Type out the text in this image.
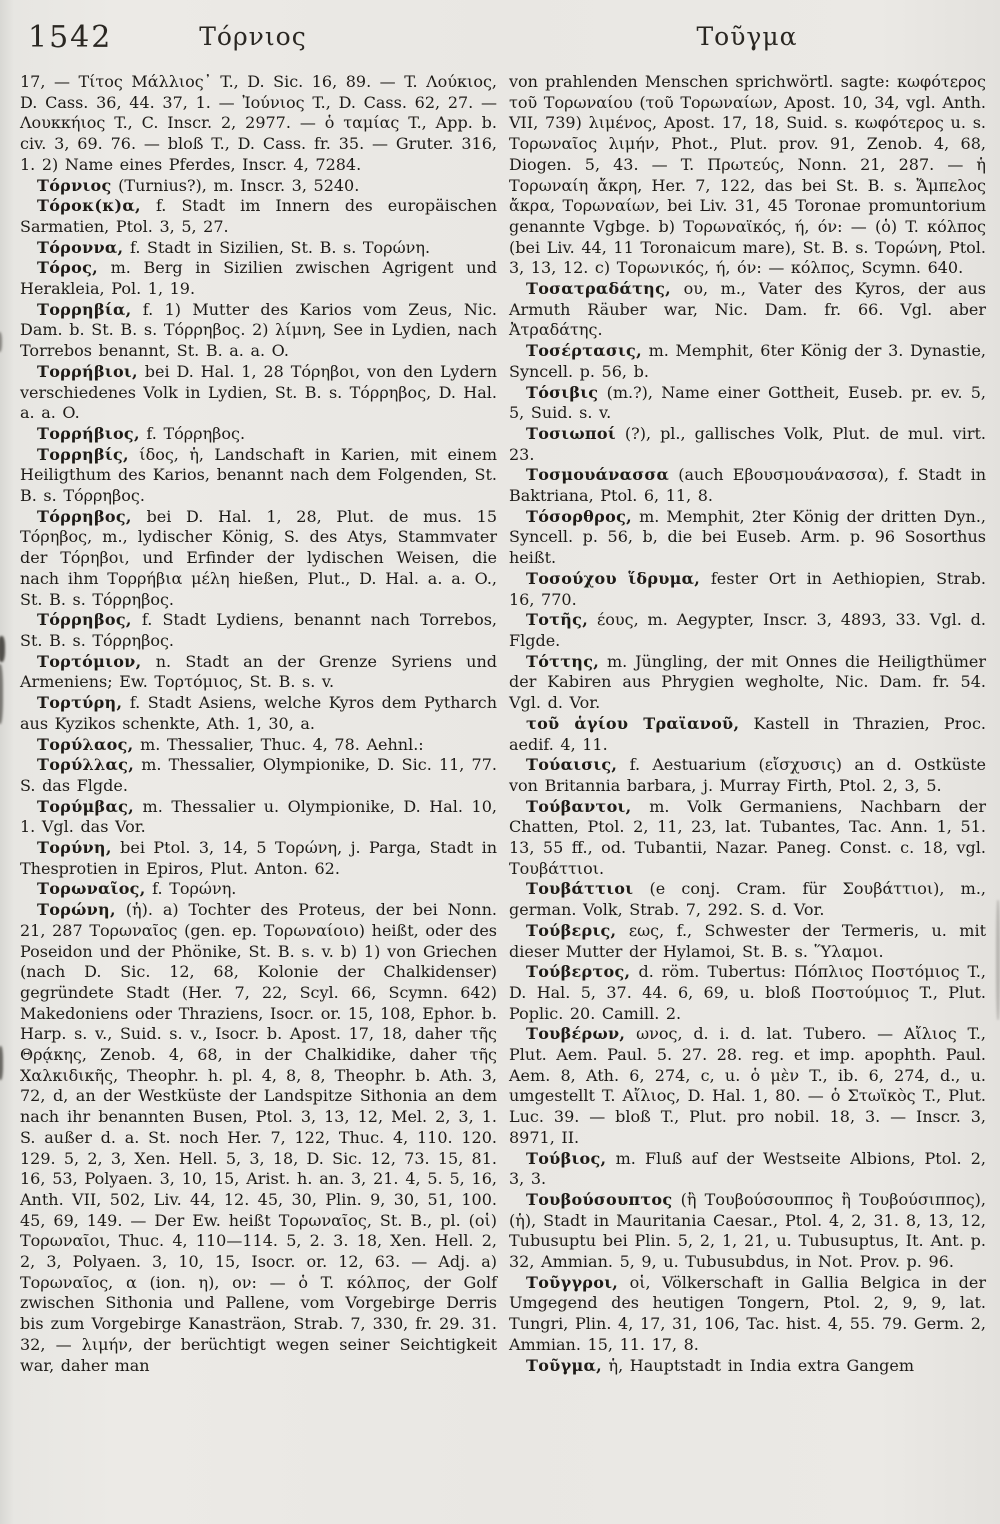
1542	Τόρνιος	Τοῦγμα

17, — Τίτος Μάλλιος᾽ T., D. Sic. 16, 89. — T. Λούκιος, D. Cass. 36, 44. 37, 1. — Ἰούνιος T., D. Cass. 62, 27. — Λουκκήιος T., C. Inscr. 2, 2977. — ὁ ταμίας T., App. b. civ. 3, 69. 76. — bloß T., D. Cass. fr. 35. — Gruter. 316, 1. 2) Name eines Pferdes, Inscr. 4, 7284.

Τόρνιος (Turnius?), m. Inscr. 3, 5240.

Τόροκ(κ)α, f. Stadt im Innern des europäischen Sarmatien, Ptol. 3, 5, 27.

Τόροννα, f. Stadt in Sizilien, St. B. s. Τορώνη.

Τόρος, m. Berg in Sizilien zwischen Agrigent und Herakleia, Pol. 1, 19.

Τορρηβία, f. 1) Mutter des Karios vom Zeus, Nic. Dam. b. St. B. s. Τόρρηβος. 2) λίμνη, See in Lydien, nach Torrebos benannt, St. B. a. a. O.

Τορρήβιοι, bei D. Hal. 1, 28 Τόρηβοι, von den Lydern verschiedenes Volk in Lydien, St. B. s. Τόρρηβος, D. Hal. a. a. O.

Τορρήβιος, f. Τόρρηβος.

Τορρηβίς, ίδος, ἡ, Landschaft in Karien, mit einem Heiligthum des Karios, benannt nach dem Folgenden, St. B. s. Τόρρηβος.

Τόρρηβος, bei D. Hal. 1, 28, Plut. de mus. 15 Τόρηβος, m., lydischer König, S. des Atys, Stammvater der Τόρηβοι, und Erfinder der lydischen Weisen, die nach ihm Τορρήβια μέλη hießen, Plut., D. Hal. a. a. O., St. B. s. Τόρρηβος.

Τόρρηβος, f. Stadt Lydiens, benannt nach Torrebos, St. B. s. Τόρρηβος.

Τορτόμιον, n. Stadt an der Grenze Syriens und Armeniens; Ew. Τορτόμιος, St. B. s. v.

Τορτύρη, f. Stadt Asiens, welche Kyros dem Pytharch aus Kyzikos schenkte, Ath. 1, 30, a.

Τορύλαος, m. Thessalier, Thuc. 4, 78. Aehnl.:

Τορύλλας, m. Thessalier, Olympionike, D. Sic. 11, 77. S. das Flgde.

Τορύμβας, m. Thessalier u. Olympionike, D. Hal. 10, 1. Vgl. das Vor.

Τορύνη, bei Ptol. 3, 14, 5 Τορώνη, j. Parga, Stadt in Thesprotien in Epiros, Plut. Anton. 62.

Τορωναῖος, f. Τορώνη.

Τορώνη, (ἡ). a) Tochter des Proteus, der bei Nonn. 21, 287 Τορωναῖος (gen. ep. Τορωναίοιο) heißt, oder des Poseidon und der Phönike, St. B. s. v. b) 1) von Griechen (nach D. Sic. 12, 68, Kolonie der Chalkidenser) gegründete Stadt (Her. 7, 22, Scyl. 66, Scymn. 642) Makedoniens oder Thraziens, Isocr. or. 15, 108, Ephor. b. Harp. s. v., Suid. s. v., Isocr. b. Apost. 17, 18, daher τῆς Θρᾴκης, Zenob. 4, 68, in der Chalkidike, daher τῆς Χαλκιδικῆς, Theophr. h. pl. 4, 8, 8, Theophr. b. Ath. 3, 72, d, an der Westküste der Landspitze Sithonia an dem nach ihr benannten Busen, Ptol. 3, 13, 12, Mel. 2, 3, 1. S. außer d. a. St. noch Her. 7, 122, Thuc. 4, 110. 120. 129. 5, 2, 3, Xen. Hell. 5, 3, 18, D. Sic. 12, 73. 15, 81. 16, 53, Polyaen. 3, 10, 15, Arist. h. an. 3, 21. 4, 5. 5, 16, Anth. VII, 502, Liv. 44, 12. 45, 30, Plin. 9, 30, 51, 100. 45, 69, 149. — Der Ew. heißt Τορωναῖος, St. B., pl. (οἱ) Τορωναῖοι, Thuc. 4, 110—114. 5, 2. 3. 18, Xen. Hell. 2, 2, 3, Polyaen. 3, 10, 15, Isocr. or. 12, 63. — Adj. a) Τορωναῖος, α (ion. η), ον: — ὁ T. κόλπος, der Golf zwischen Sithonia und Pallene, vom Vorgebirge Derris bis zum Vorgebirge Kanasträon, Strab. 7, 330, fr. 29. 31. 32, — λιμήν, der berüchtigt wegen seiner Seichtigkeit war, daher man

von prahlenden Menschen sprichwörtl. sagte: κωφότερος τοῦ Τορωναίου (τοῦ Τορωναίων, Apost. 10, 34, vgl. Anth. VII, 739) λιμένος, Apost. 17, 18, Suid. s. κωφότερος u. s. Τορωναῖος λιμήν, Phot., Plut. prov. 91, Zenob. 4, 68, Diogen. 5, 43. — T. Πρωτεύς, Nonn. 21, 287. — ἡ Τορωναίη ἄκρη, Her. 7, 122, das bei St. B. s. Ἄμπελος ἄκρα, Τορωναίων, bei Liv. 31, 45 Toronae promuntorium genannte Vgbge. b) Τορωναϊκός, ή, όν: — (ὁ) T. κόλπος (bei Liv. 44, 11 Toronaicum mare), St. B. s. Τορώνη, Ptol. 3, 13, 12. c) Τορωνικός, ή, όν: — κόλπος, Scymn. 640.

Τοσατραδάτης, ου, m., Vater des Kyros, der aus Armuth Räuber war, Nic. Dam. fr. 66. Vgl. aber Ἀτραδάτης.

Τοσέρτασις, m. Memphit, 6ter König der 3. Dynastie, Syncell. p. 56, b.

Τόσιβις (m.?), Name einer Gottheit, Euseb. pr. ev. 5, 5, Suid. s. v.

Τοσιωποί (?), pl., gallisches Volk, Plut. de mul. virt. 23.

Τοσμουάνασσα (auch Εβουσμουάνασσα), f. Stadt in Baktriana, Ptol. 6, 11, 8.

Τόσορθρος, m. Memphit, 2ter König der dritten Dyn., Syncell. p. 56, b, die bei Euseb. Arm. p. 96 Sosorthus heißt.

Τοσούχου ἵδρυμα, fester Ort in Aethiopien, Strab. 16, 770.

Τοτῆς, έους, m. Aegypter, Inscr. 3, 4893, 33. Vgl. d. Flgde.

Τόττης, m. Jüngling, der mit Onnes die Heiligthümer der Kabiren aus Phrygien wegholte, Nic. Dam. fr. 54. Vgl. d. Vor.

τοῦ ἁγίου Τραϊανοῦ, Kastell in Thrazien, Proc. aedif. 4, 11.

Τούαισις, f. Aestuarium (εἴσχυσις) an d. Ostküste von Britannia barbara, j. Murray Firth, Ptol. 2, 3, 5.

Τούβαντοι, m. Volk Germaniens, Nachbarn der Chatten, Ptol. 2, 11, 23, lat. Tubantes, Tac. Ann. 1, 51. 13, 55 ff., od. Tubantii, Nazar. Paneg. Const. c. 18, vgl. Τουβάττιοι.

Τουβάττιοι (e conj. Cram. für Σουβάττιοι), m., german. Volk, Strab. 7, 292. S. d. Vor.

Τούβερις, εως, f., Schwester der Termeris, u. mit dieser Mutter der Hylamoi, St. B. s. Ὕλαμοι.

Τούβερτος, d. röm. Tubertus: Πόπλιος Ποστόμιος T., D. Hal. 5, 37. 44. 6, 69, u. bloß Ποστούμιος T., Plut. Poplic. 20. Camill. 2.

Τουβέρων, ωνος, d. i. d. lat. Tubero. — Αἴλιος T., Plut. Aem. Paul. 5. 27. 28. reg. et imp. apophth. Paul. Aem. 8, Ath. 6, 274, c, u. ὁ μὲν T., ib. 6, 274, d., u. umgestellt T. Αἴλιος, D. Hal. 1, 80. — ὁ Στωϊκὸς T., Plut. Luc. 39. — bloß T., Plut. pro nobil. 18, 3. — Inscr. 3, 8971, II.

Τούβιος, m. Fluß auf der Westseite Albions, Ptol. 2, 3, 3.

Τουβούσουπτος (ἢ Τουβούσουππος ἢ Τουβούσιππος), (ἡ), Stadt in Mauritania Caesar., Ptol. 4, 2, 31. 8, 13, 12, Tubusuptu bei Plin. 5, 2, 1, 21, u. Tubusuptus, It. Ant. p. 32, Ammian. 5, 9, u. Tubusubdus, in Not. Prov. p. 96.

Τοῦγγροι, οἱ, Völkerschaft in Gallia Belgica in der Umgegend des heutigen Tongern, Ptol. 2, 9, 9, lat. Tungri, Plin. 4, 17, 31, 106, Tac. hist. 4, 55. 79. Germ. 2, Ammian. 15, 11. 17, 8.

Τοῦγμα, ἡ, Hauptstadt in India extra Gangem
